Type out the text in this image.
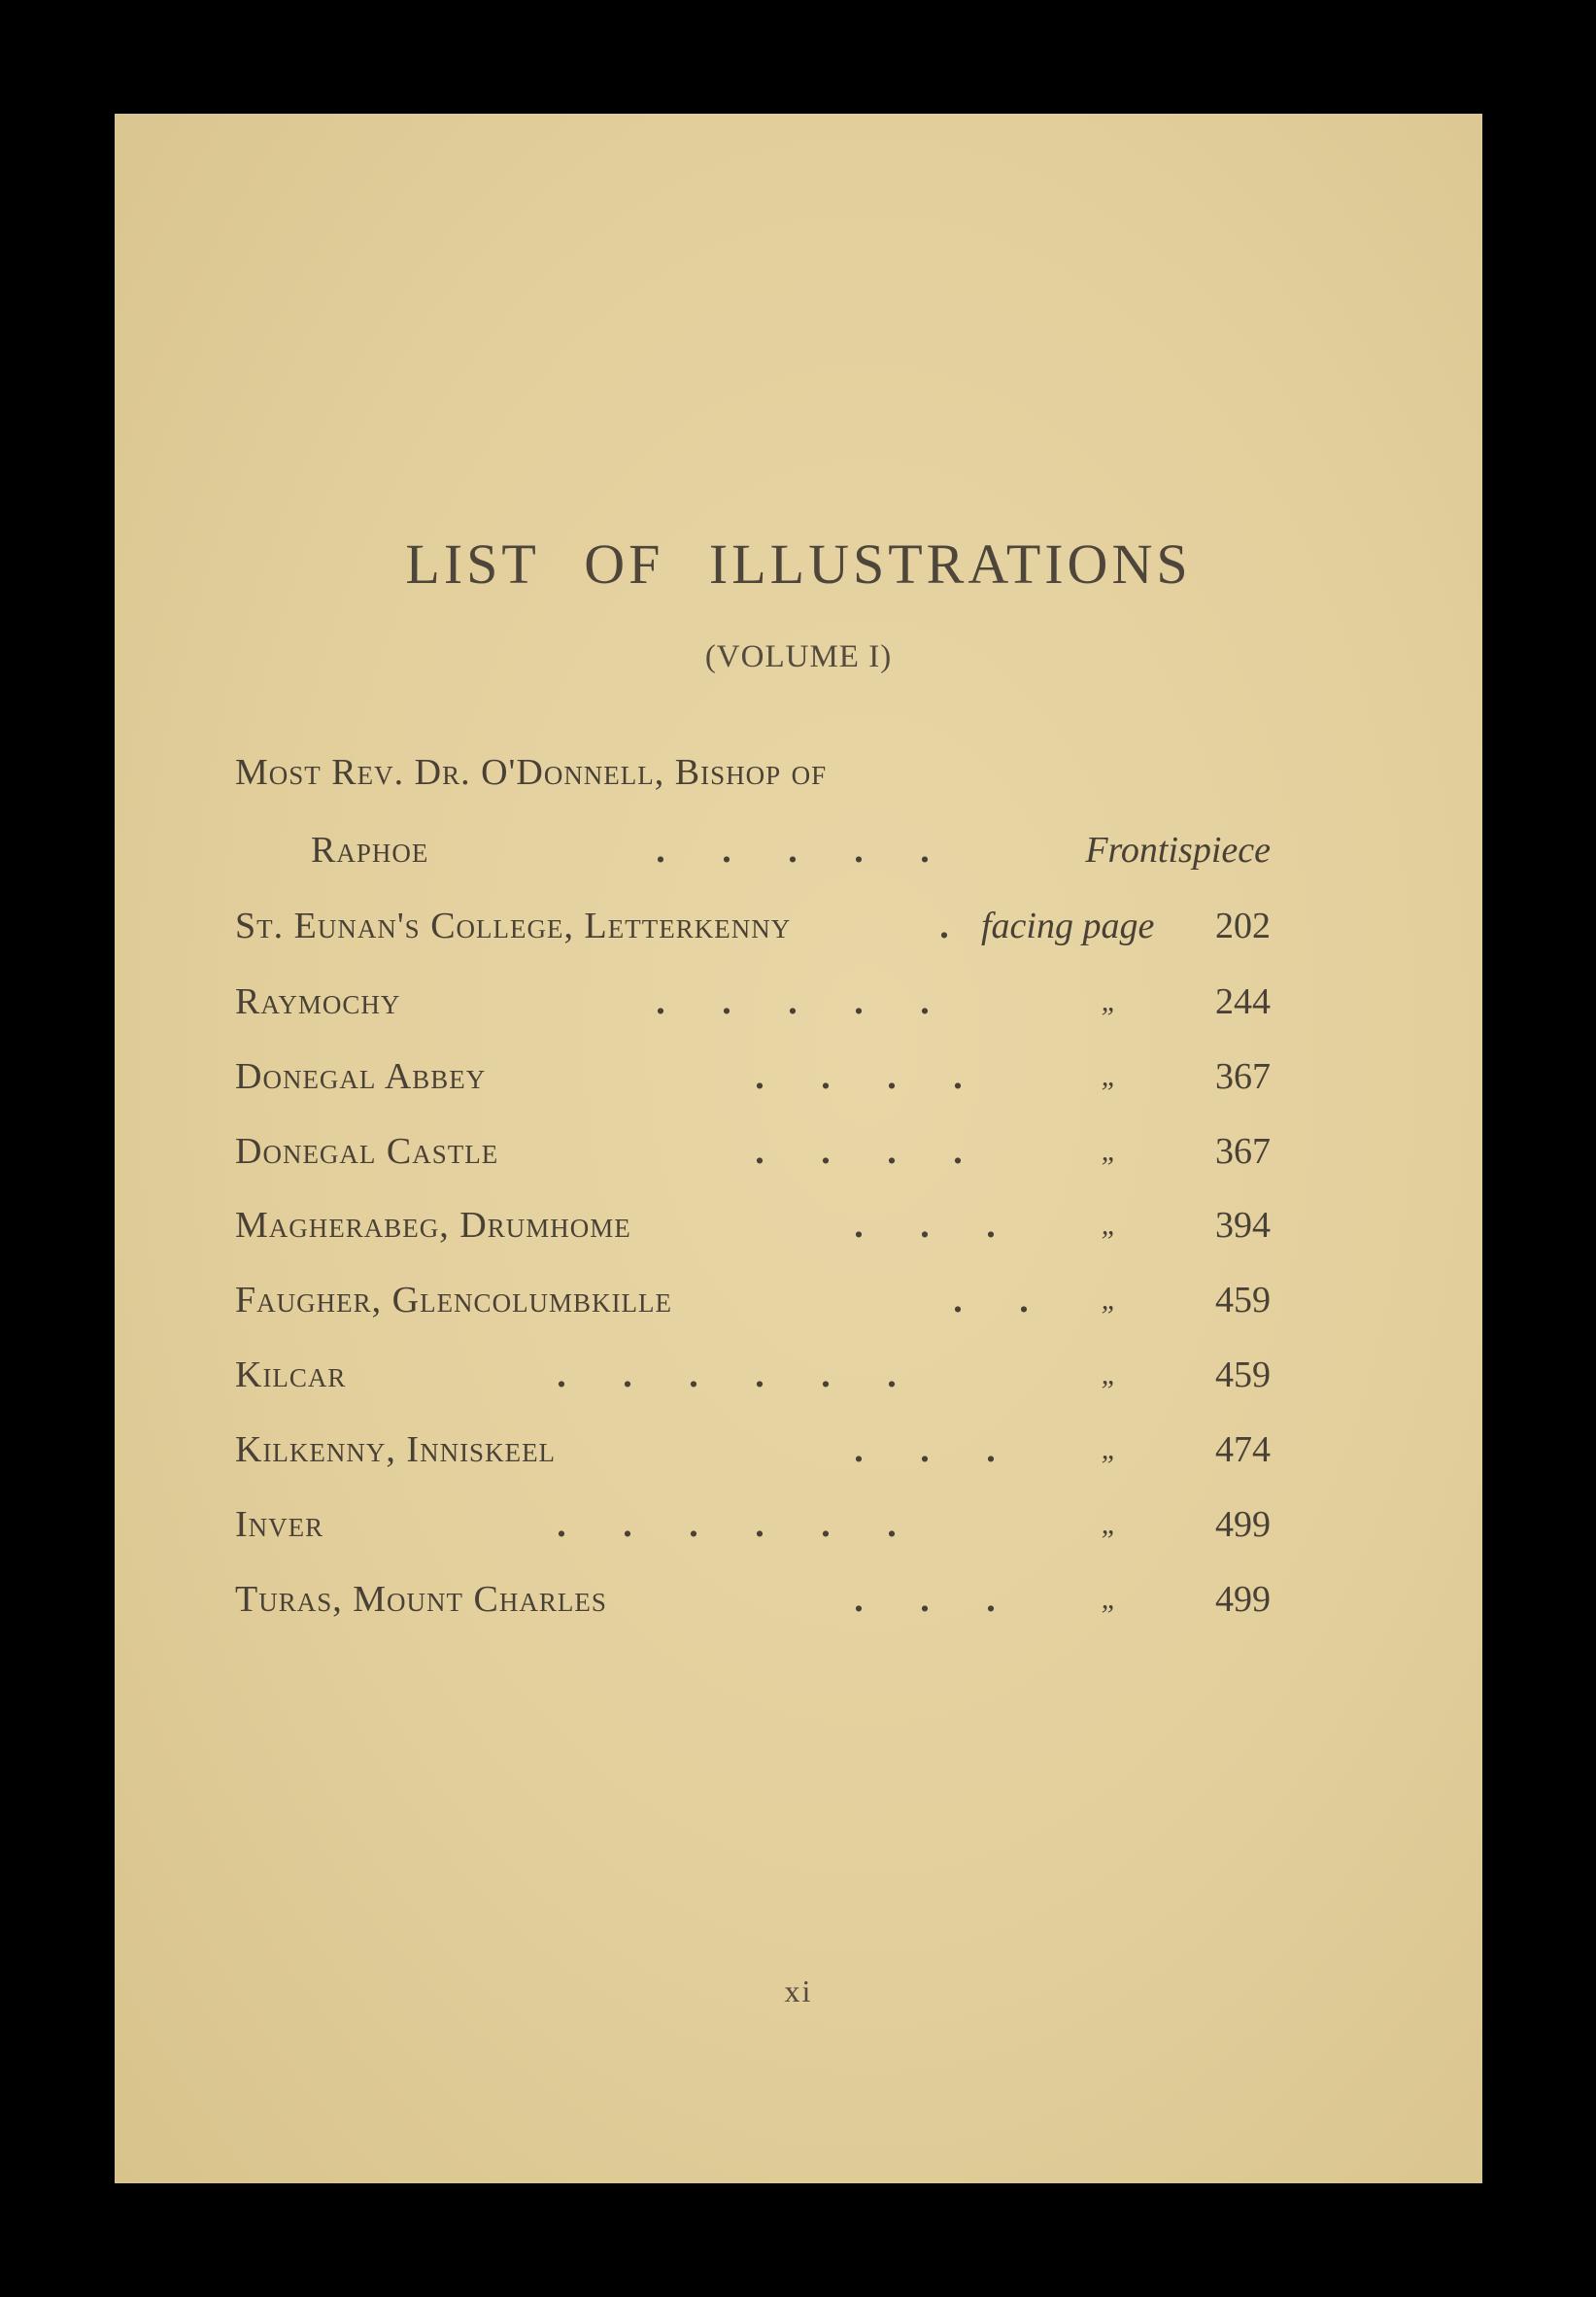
LIST OF ILLUSTRATIONS
(VOLUME I)
Most Rev. Dr. O'Donnell, Bishop of
Raphoe	. . . . .	Frontispiece
St. Eunan's College, Letterkenny	. facing page 202
Raymochy	. . . . .	„	244
Donegal Abbey	. . . .	„	367
Donegal Castle	. . . .	„	367
Magherabeg, Drumhome	. . .	„	394
Faugher, Glencolumbkille	. .	„	459
Kilcar	. . . . . .	„	459
Kilkenny, Inniskeel	. . .	„	474
Inver	. . . . . .	„	499
Turas, Mount Charles	. . .	„	499
xi
